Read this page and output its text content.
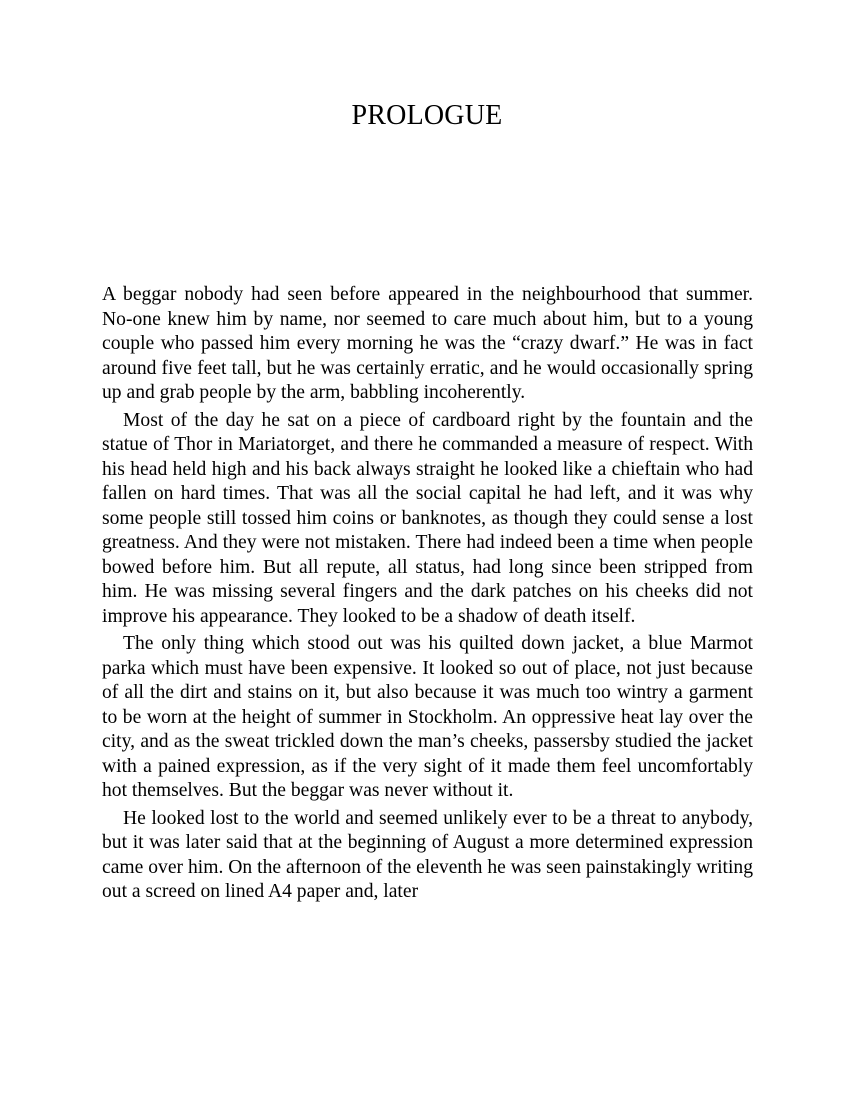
PROLOGUE

A beggar nobody had seen before appeared in the neighbourhood that summer. No-one knew him by name, nor seemed to care much about him, but to a young couple who passed him every morning he was the “crazy dwarf.” He was in fact around five feet tall, but he was certainly erratic, and he would occasionally spring up and grab people by the arm, babbling incoherently.

Most of the day he sat on a piece of cardboard right by the fountain and the statue of Thor in Mariatorget, and there he commanded a measure of respect. With his head held high and his back always straight he looked like a chieftain who had fallen on hard times. That was all the social capital he had left, and it was why some people still tossed him coins or banknotes, as though they could sense a lost greatness. And they were not mistaken. There had indeed been a time when people bowed before him. But all repute, all status, had long since been stripped from him. He was missing several fingers and the dark patches on his cheeks did not improve his appearance. They looked to be a shadow of death itself.

The only thing which stood out was his quilted down jacket, a blue Marmot parka which must have been expensive. It looked so out of place, not just because of all the dirt and stains on it, but also because it was much too wintry a garment to be worn at the height of summer in Stockholm. An oppressive heat lay over the city, and as the sweat trickled down the man’s cheeks, passersby studied the jacket with a pained expression, as if the very sight of it made them feel uncomfortably hot themselves. But the beggar was never without it.

He looked lost to the world and seemed unlikely ever to be a threat to anybody, but it was later said that at the beginning of August a more determined expression came over him. On the afternoon of the eleventh he was seen painstakingly writing out a screed on lined A4 paper and, later
